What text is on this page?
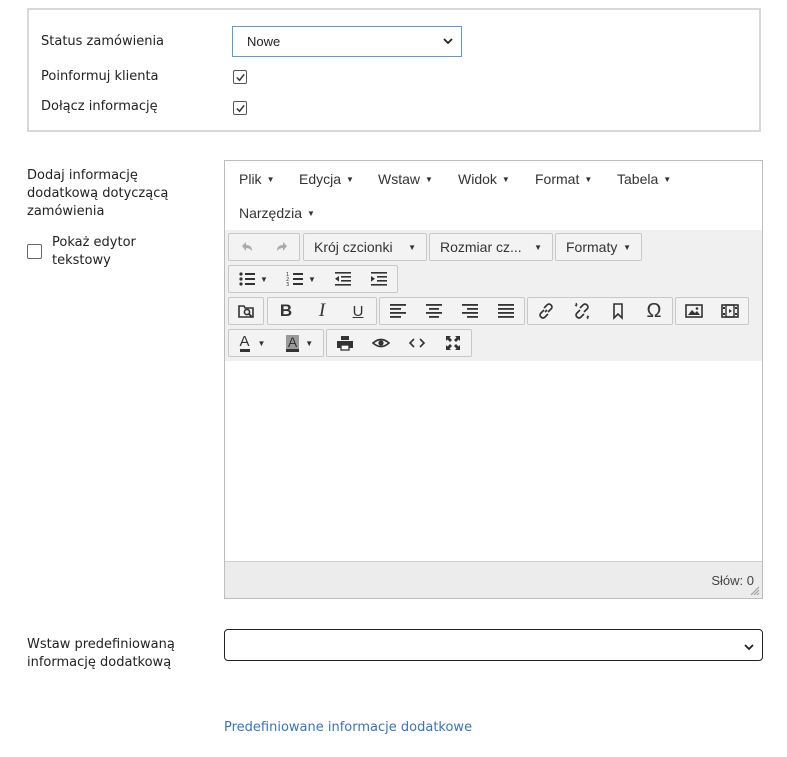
Status zamówienia	Nowe
Poinformuj klienta
Dołącz informację
Dodaj informację dodatkową dotyczącą zamówienia
Pokaż edytor tekstowy
Plik ▼ Edycja ▼ Wstaw ▼ Widok ▼ Format ▼ Tabela ▼
Narzędzia ▼
Krój czcionki ▼ Rozmiar cz... ▼ Formaty ▼
▼	1
2
3
▼
B	I	U	Ω
A ▼ A ▼
Słów: 0
Wstaw predefiniowaną informację dodatkową
Predefiniowane informacje dodatkowe
